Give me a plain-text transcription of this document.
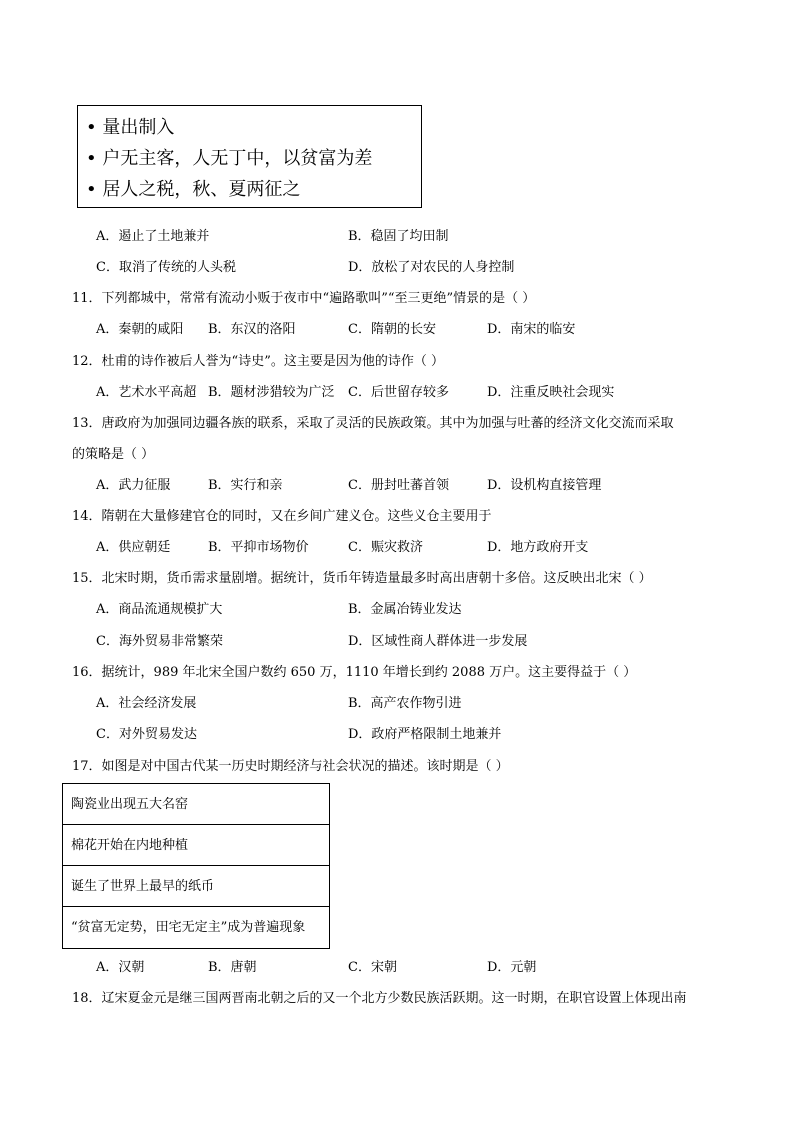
• 量出制入
• 户无主客，人无丁中，以贫富为差
• 居人之税，秋、夏两征之
A．遏止了土地兼并	B．稳固了均田制
C．取消了传统的人头税	D．放松了对农民的人身控制
11．下列都城中，常常有流动小贩于夜市中“遍路歌叫”“至三更绝”情景的是（ ）
A．秦朝的咸阳 B．东汉的洛阳	C．隋朝的长安	D．南宋的临安
12．杜甫的诗作被后人誉为“诗史”。这主要是因为他的诗作（ ）
A．艺术水平高超 B．题材涉猎较为广泛 C．后世留存较多	D．注重反映社会现实
13．唐政府为加强同边疆各族的联系，采取了灵活的民族政策。其中为加强与吐蕃的经济文化交流而采取
的策略是（ ）
A．武力征服	B．实行和亲	C．册封吐蕃首领	D．设机构直接管理
14．隋朝在大量修建官仓的同时，又在乡间广建义仓。这些义仓主要用于
A．供应朝廷	B．平抑市场物价	C．赈灾救济	D．地方政府开支
15．北宋时期，货币需求量剧增。据统计，货币年铸造量最多时高出唐朝十多倍。这反映出北宋（ ）
A．商品流通规模扩大	B．金属冶铸业发达
C．海外贸易非常繁荣	D．区域性商人群体进一步发展
16．据统计，989 年北宋全国户数约 650 万，1110 年增长到约 2088 万户。这主要得益于（ ）
A．社会经济发展	B．高产农作物引进
C．对外贸易发达	D．政府严格限制土地兼并
17．如图是对中国古代某一历史时期经济与社会状况的描述。该时期是（ ）
陶瓷业出现五大名窑
棉花开始在内地种植
诞生了世界上最早的纸币
“贫富无定势，田宅无定主”成为普遍现象
A．汉朝	B．唐朝	C．宋朝	D．元朝
18．辽宋夏金元是继三国两晋南北朝之后的又一个北方少数民族活跃期。这一时期，在职官设置上体现出南
